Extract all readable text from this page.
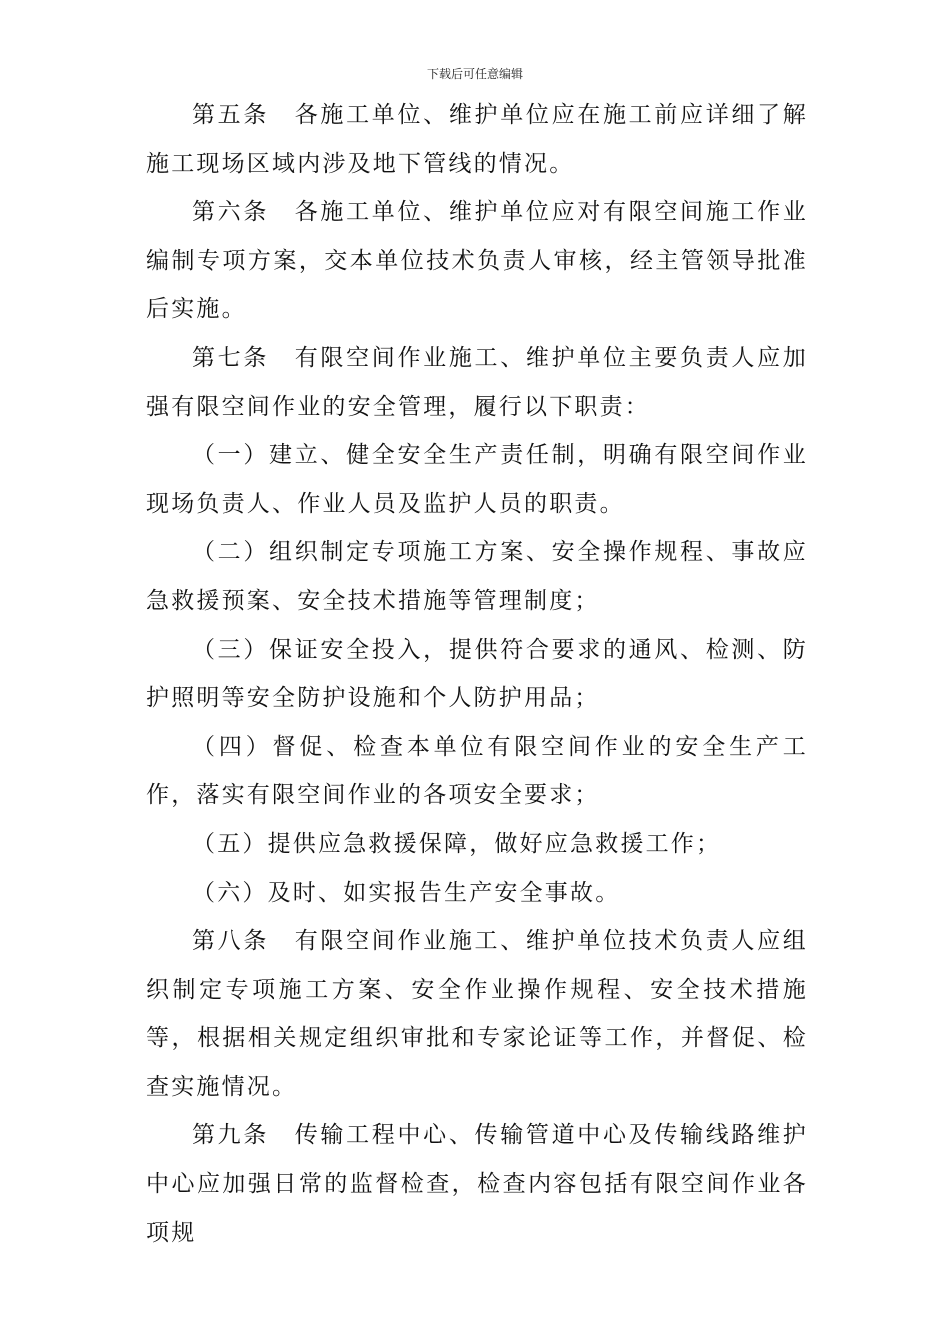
下载后可任意编辑

第五条　各施工单位、维护单位应在施工前应详细了解施工现场区域内涉及地下管线的情况。

第六条　各施工单位、维护单位应对有限空间施工作业编制专项方案，交本单位技术负责人审核，经主管领导批准后实施。

第七条　有限空间作业施工、维护单位主要负责人应加强有限空间作业的安全管理，履行以下职责：

（一）建立、健全安全生产责任制，明确有限空间作业现场负责人、作业人员及监护人员的职责。

（二）组织制定专项施工方案、安全操作规程、事故应急救援预案、安全技术措施等管理制度；

（三）保证安全投入，提供符合要求的通风、检测、防护照明等安全防护设施和个人防护用品；

（四）督促、检查本单位有限空间作业的安全生产工作，落实有限空间作业的各项安全要求；

（五）提供应急救援保障，做好应急救援工作；

（六）及时、如实报告生产安全事故。

第八条　有限空间作业施工、维护单位技术负责人应组织制定专项施工方案、安全作业操作规程、安全技术措施等，根据相关规定组织审批和专家论证等工作，并督促、检查实施情况。

第九条　传输工程中心、传输管道中心及传输线路维护中心应加强日常的监督检查，检查内容包括有限空间作业各项规
